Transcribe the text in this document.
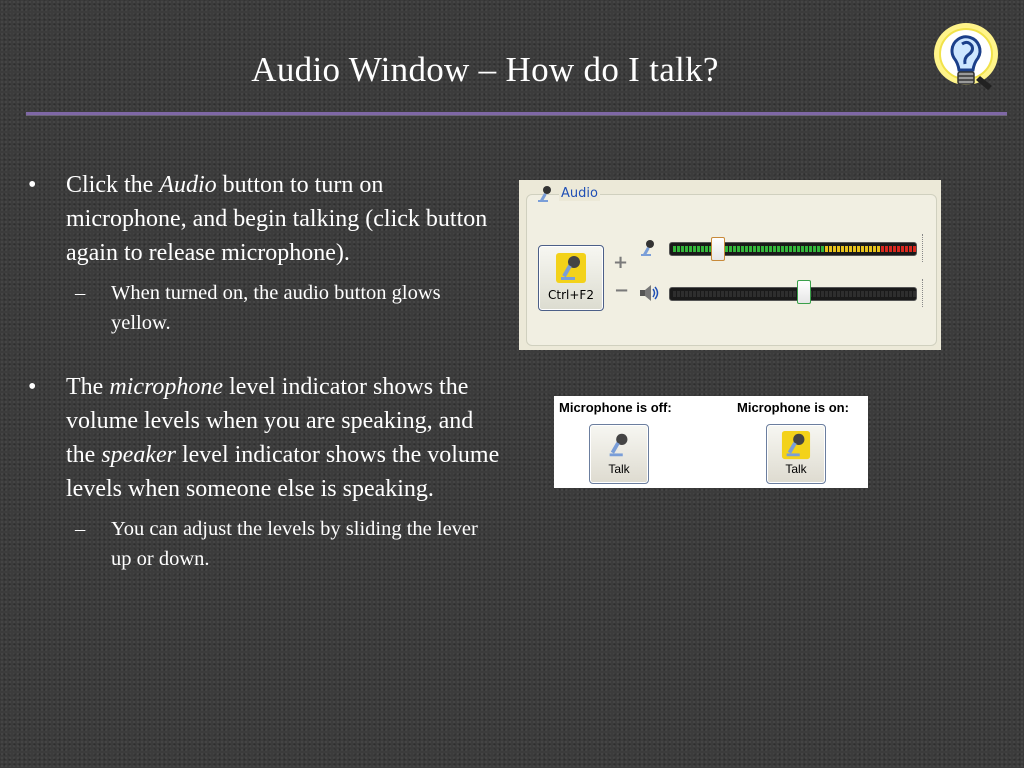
Audio Window – How do I talk?
• Click the Audio button to turn on microphone, and begin talking (click button again to release microphone).
– When turned on, the audio button glows yellow.
• The microphone level indicator shows the volume levels when you are speaking, and the speaker level indicator shows the volume levels when someone else is speaking.
– You can adjust the levels by sliding the lever up or down.
Audio
Ctrl+F2
+
−
Microphone is off:	Microphone is on:
Talk	Talk
